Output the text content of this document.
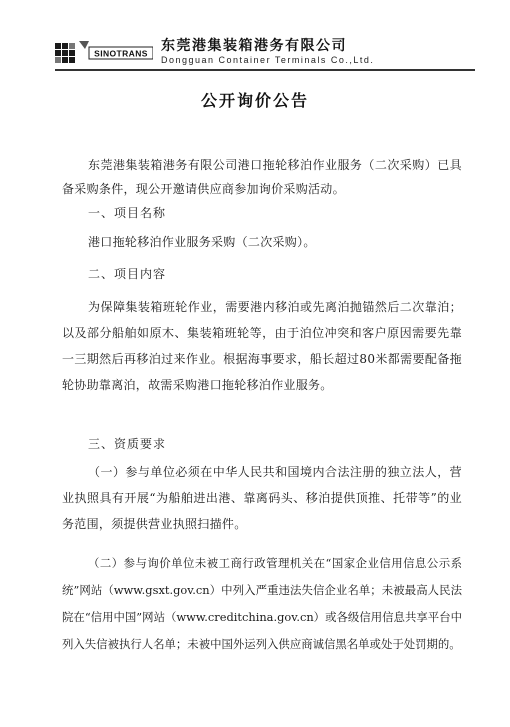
SINOTRANS 东莞港集装箱港务有限公司
Dongguan Container Terminals Co.,Ltd.
公开询价公告

东莞港集装箱港务有限公司港口拖轮移泊作业服务（二次采购）已具备采购条件，现公开邀请供应商参加询价采购活动。

一、项目名称

港口拖轮移泊作业服务采购（二次采购）。

二、项目内容

为保障集装箱班轮作业，需要港内移泊或先离泊抛锚然后二次靠泊；以及部分船舶如原木、集装箱班轮等，由于泊位冲突和客户原因需要先靠一三期然后再移泊过来作业。根据海事要求，船长超过80米都需要配备拖轮协助靠离泊，故需采购港口拖轮移泊作业服务。

三、资质要求

（一）参与单位必须在中华人民共和国境内合法注册的独立法人，营业执照具有开展“为船舶进出港、靠离码头、移泊提供顶推、托带等”的业务范围，须提供营业执照扫描件。

（二）参与询价单位未被工商行政管理机关在“国家企业信用信息公示系统”网站（www.gsxt.gov.cn）中列入严重违法失信企业名单；未被最高人民法院在“信用中国”网站（www.creditchina.gov.cn）或各级信用信息共享平台中列入失信被执行人名单；未被中国外运列入供应商诚信黑名单或处于处罚期的。
